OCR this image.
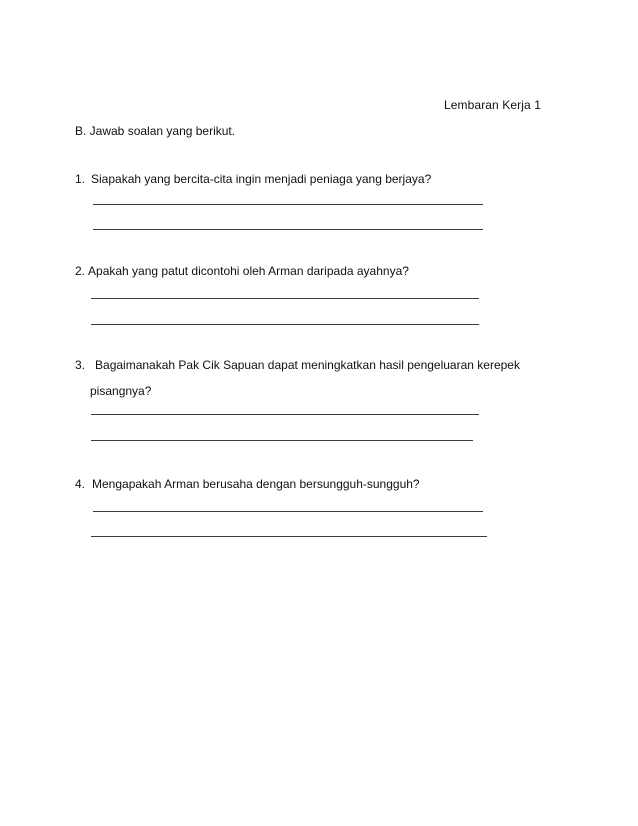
Lembaran Kerja 1
B. Jawab soalan yang berikut.
1. Siapakah yang bercita-cita ingin menjadi peniaga yang berjaya?
2. Apakah yang patut dicontohi oleh Arman daripada ayahnya?
3. Bagaimanakah Pak Cik Sapuan dapat meningkatkan hasil pengeluaran kerepek
pisangnya?
4. Mengapakah Arman berusaha dengan bersungguh-sungguh?
